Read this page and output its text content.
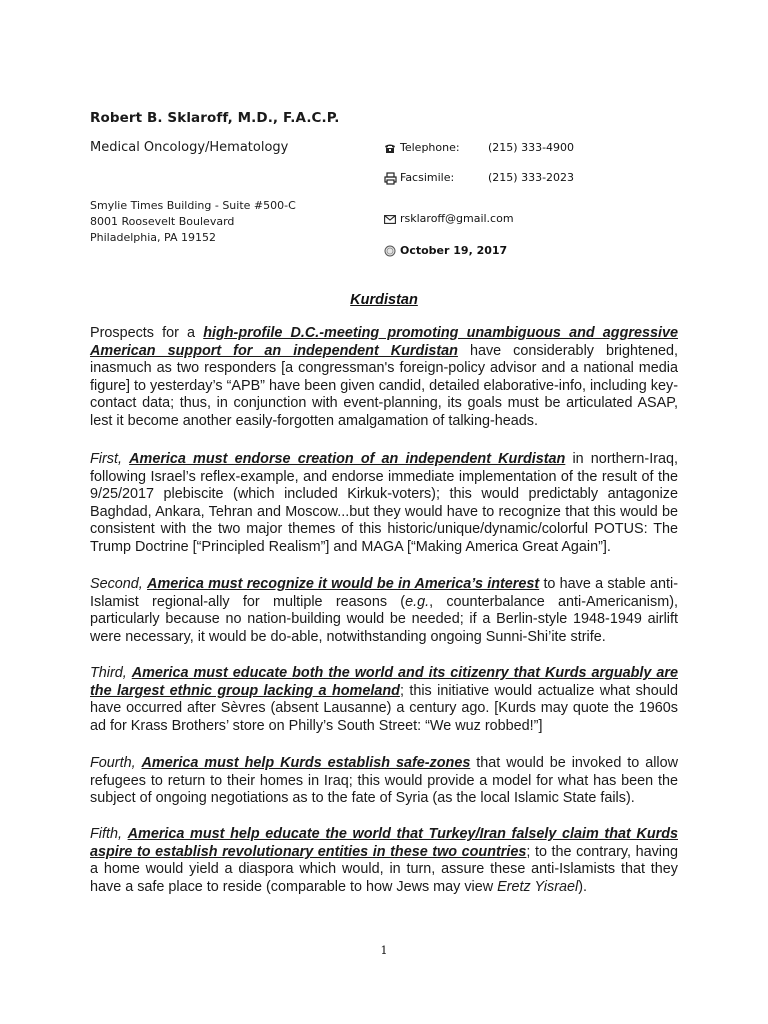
Robert B. Sklaroff, M.D., F.A.C.P.
Medical Oncology/Hematology
Smylie Times Building - Suite #500-C
8001 Roosevelt Boulevard
Philadelphia, PA 19152
Telephone:	(215) 333-4900
Facsimile:	(215) 333-2023
rsklaroff@gmail.com
October 19, 2017
Kurdistan
Prospects for a high-profile D.C.-meeting promoting unambiguous and aggressive American support for an independent Kurdistan have considerably brightened, inasmuch as two responders [a congressman's foreign-policy advisor and a national media figure] to yesterday’s “APB” have been given candid, detailed elaborative-info, including key-contact data; thus, in conjunction with event-planning, its goals must be articulated ASAP, lest it become another easily-forgotten amalgamation of talking-heads.
First, America must endorse creation of an independent Kurdistan in northern-Iraq, following Israel’s reflex-example, and endorse immediate implementation of the result of the 9/25/2017 plebiscite (which included Kirkuk-voters); this would predictably antagonize Baghdad, Ankara, Tehran and Moscow...but they would have to recognize that this would be consistent with the two major themes of this historic/unique/dynamic/colorful POTUS: The Trump Doctrine [“Principled Realism”] and MAGA [“Making America Great Again”].
Second, America must recognize it would be in America’s interest to have a stable anti-Islamist regional-ally for multiple reasons (e.g., counterbalance anti-Americanism), particularly because no nation-building would be needed; if a Berlin-style 1948-1949 airlift were necessary, it would be do-able, notwithstanding ongoing Sunni-Shi’ite strife.
Third, America must educate both the world and its citizenry that Kurds arguably are the largest ethnic group lacking a homeland; this initiative would actualize what should have occurred after Sèvres (absent Lausanne) a century ago. [Kurds may quote the 1960s ad for Krass Brothers’ store on Philly’s South Street: “We wuz robbed!”]
Fourth, America must help Kurds establish safe-zones that would be invoked to allow refugees to return to their homes in Iraq; this would provide a model for what has been the subject of ongoing negotiations as to the fate of Syria (as the local Islamic State fails).
Fifth, America must help educate the world that Turkey/Iran falsely claim that Kurds aspire to establish revolutionary entities in these two countries; to the contrary, having a home would yield a diaspora which would, in turn, assure these anti-Islamists that they have a safe place to reside (comparable to how Jews may view Eretz Yisrael).
1
